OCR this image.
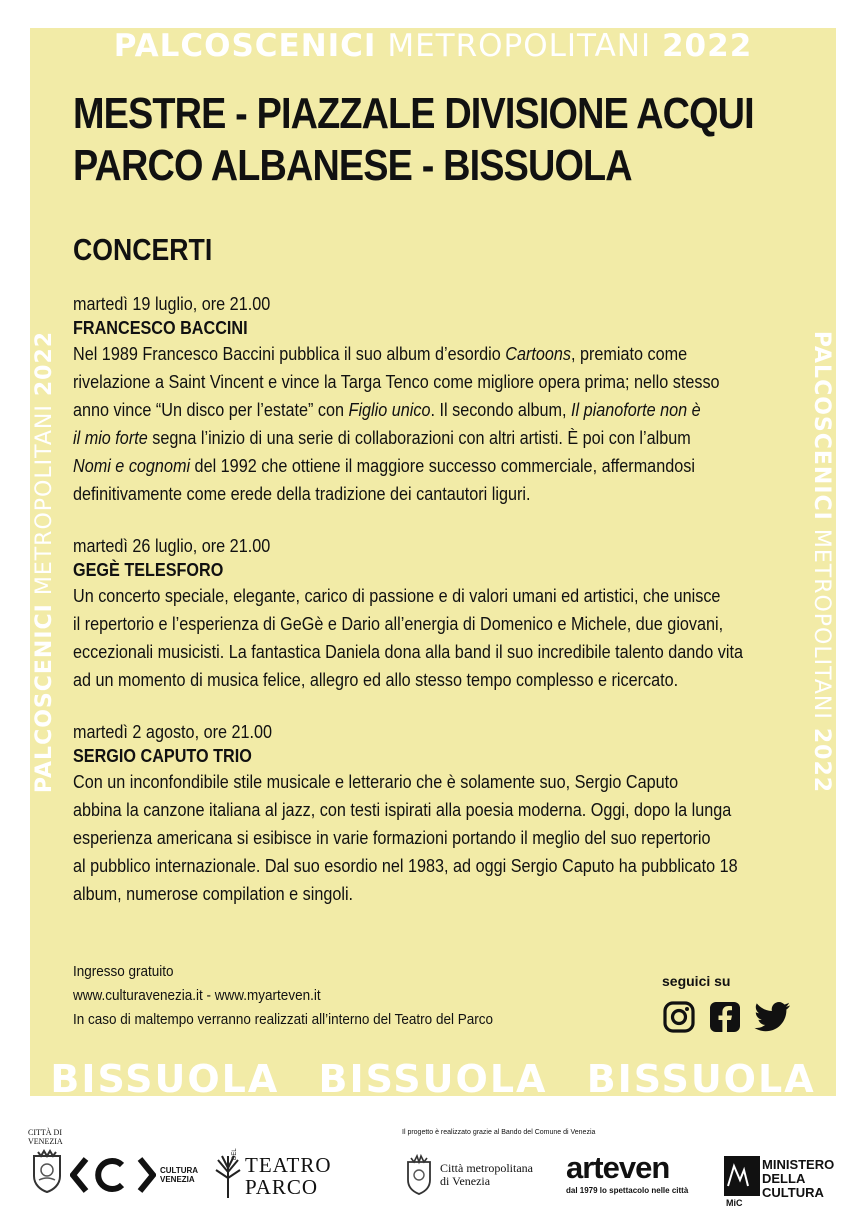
PALCOSCENICI METROPOLITANI 2022
PALCOSCENICI METROPOLITANI 2022	PALCOSCENICI METROPOLITANI 2022
BISSUOLA BISSUOLA BISSUOLA
MESTRE - PIAZZALE DIVISIONE ACQUI
PARCO ALBANESE - BISSUOLA
CONCERTI
martedì 19 luglio, ore 21.00
FRANCESCO BACCINI

Nel 1989 Francesco Baccini pubblica il suo album d’esordio Cartoons, premiato come

rivelazione a Saint Vincent e vince la Targa Tenco come migliore opera prima; nello stesso

anno vince “Un disco per l’estate” con Figlio unico. Il secondo album, Il pianoforte non è

il mio forte segna l’inizio di una serie di collaborazioni con altri artisti. È poi con l’album

Nomi e cognomi del 1992 che ottiene il maggiore successo commerciale, affermandosi

definitivamente come erede della tradizione dei cantautori liguri.

martedì 26 luglio, ore 21.00
GEGÈ TELESFORO

Un concerto speciale, elegante, carico di passione e di valori umani ed artistici, che unisce

il repertorio e l’esperienza di GeGè e Dario all’energia di Domenico e Michele, due giovani,

eccezionali musicisti. La fantastica Daniela dona alla band il suo incredibile talento dando vita

ad un momento di musica felice, allegro ed allo stesso tempo complesso e ricercato.

martedì 2 agosto, ore 21.00
SERGIO CAPUTO TRIO

Con un inconfondibile stile musicale e letterario che è solamente suo, Sergio Caputo

abbina la canzone italiana al jazz, con testi ispirati alla poesia moderna. Oggi, dopo la lunga

esperienza americana si esibisce in varie formazioni portando il meglio del suo repertorio

al pubblico internazionale. Dal suo esordio nel 1983, ad oggi Sergio Caputo ha pubblicato 18

album, numerose compilation e singoli.

Ingresso gratuito
www.culturavenezia.it - www.myarteven.it
In caso di maltempo verranno realizzati all’interno del Teatro del Parco
seguici su
Il progetto è realizzato grazie al Bando del Comune di Venezia
CITTÀ DI
VENEZIA
CULTURA
VENEZIA
TEATRO
PARCO
DEL
Città metropolitana
di Venezia	arteven
dal 1979 lo spettacolo nelle città
MiC
MINISTERO
DELLA
CULTURA
